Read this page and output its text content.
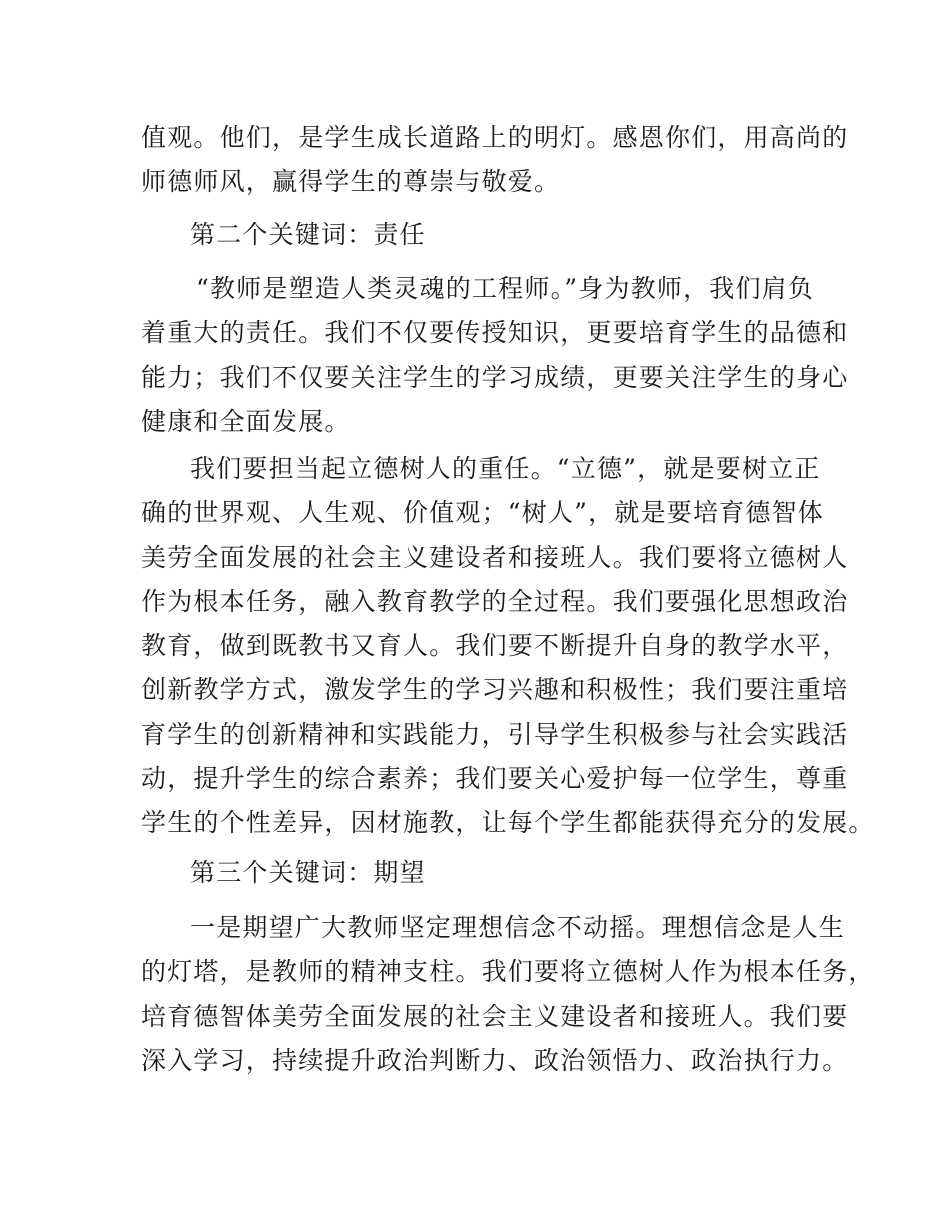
值观。他们，是学生成长道路上的明灯。感恩你们，用高尚的
师德师风，赢得学生的尊崇与敬爱。
第二个关键词：责任
“教师是塑造人类灵魂的工程师。”身为教师，我们肩负
着重大的责任。我们不仅要传授知识，更要培育学生的品德和
能力；我们不仅要关注学生的学习成绩，更要关注学生的身心
健康和全面发展。
我们要担当起立德树人的重任。“立德”，就是要树立正
确的世界观、人生观、价值观；“树人”，就是要培育德智体
美劳全面发展的社会主义建设者和接班人。我们要将立德树人
作为根本任务，融入教育教学的全过程。我们要强化思想政治
教育，做到既教书又育人。我们要不断提升自身的教学水平，
创新教学方式，激发学生的学习兴趣和积极性；我们要注重培
育学生的创新精神和实践能力，引导学生积极参与社会实践活
动，提升学生的综合素养；我们要关心爱护每一位学生，尊重
学生的个性差异，因材施教，让每个学生都能获得充分的发展。
第三个关键词：期望
一是期望广大教师坚定理想信念不动摇。理想信念是人生
的灯塔，是教师的精神支柱。我们要将立德树人作为根本任务，
培育德智体美劳全面发展的社会主义建设者和接班人。我们要
深入学习，持续提升政治判断力、政治领悟力、政治执行力。
